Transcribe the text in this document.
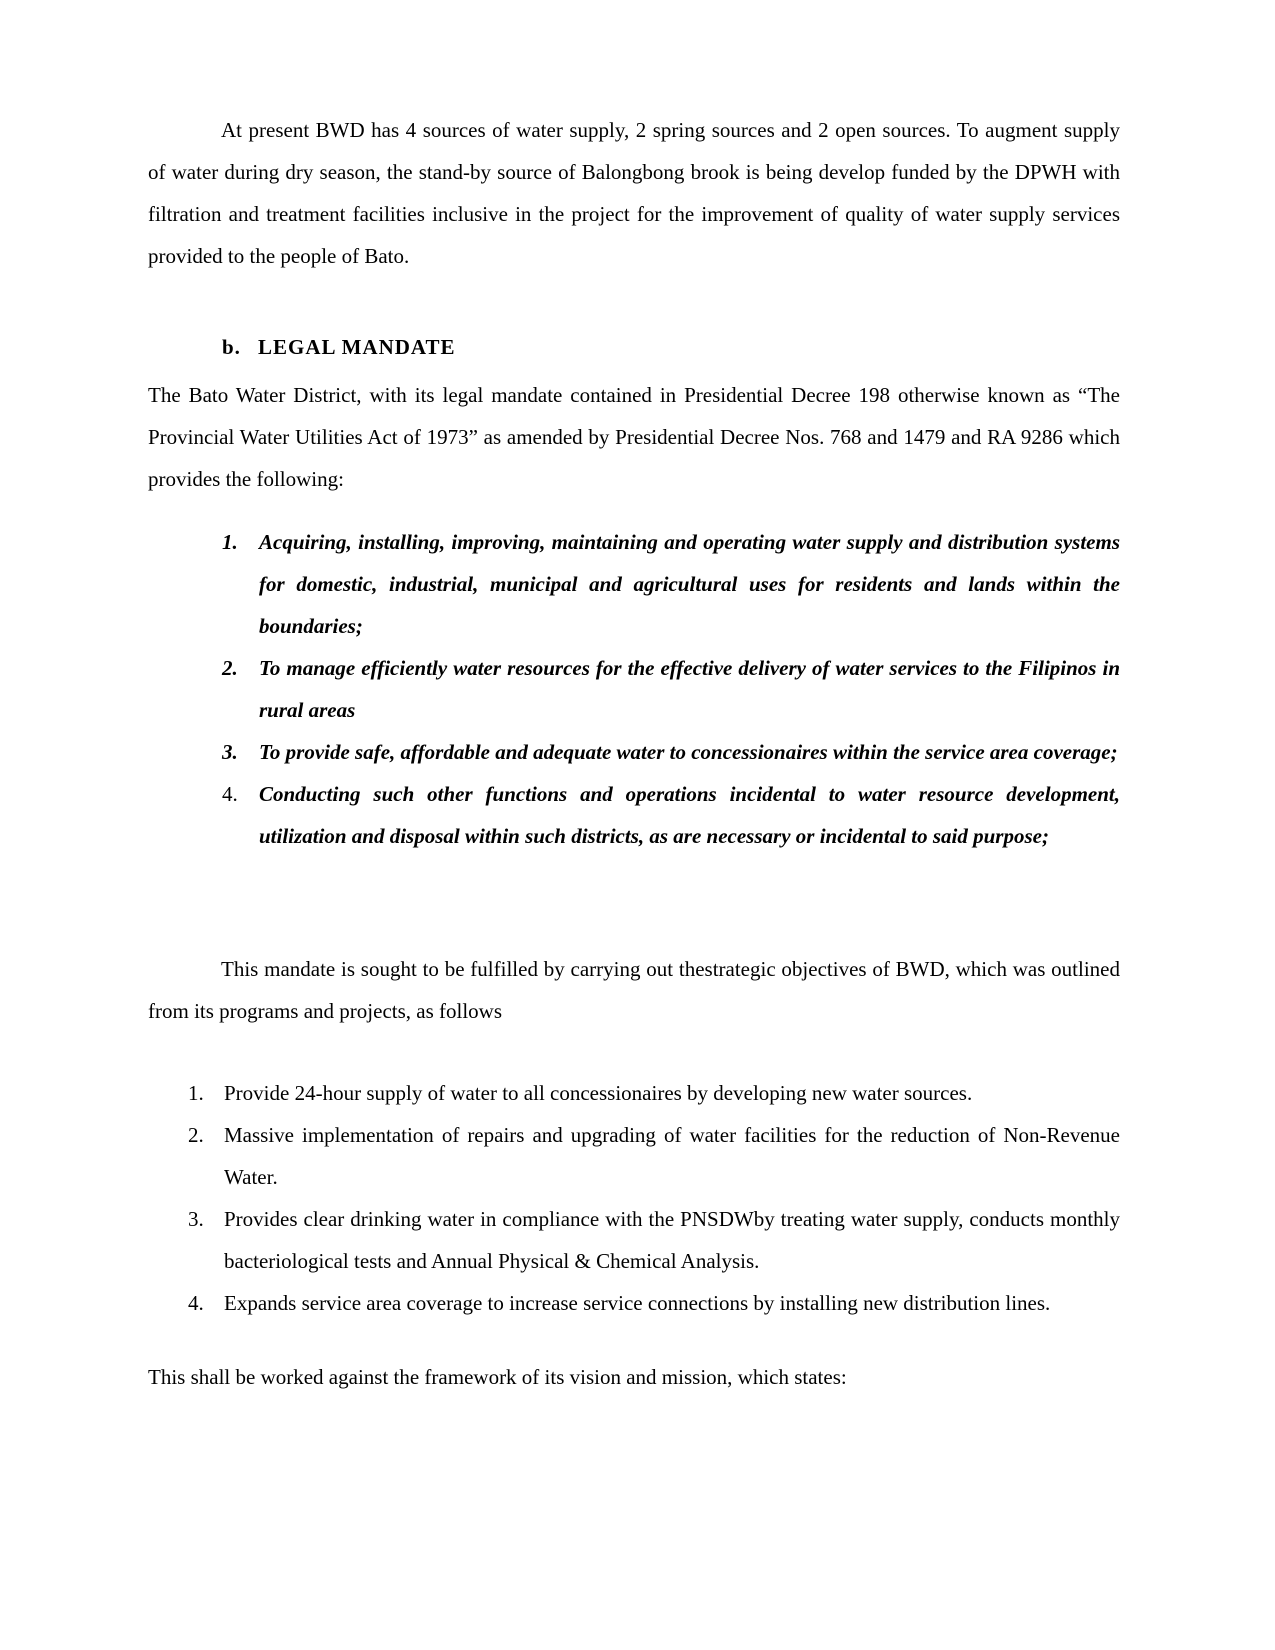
At present BWD has 4 sources of water supply, 2 spring sources and 2 open sources. To augment supply of water during dry season, the stand-by source of Balongbong brook is being develop funded by the DPWH with filtration and treatment facilities inclusive in the project for the improvement of quality of water supply services provided to the people of Bato.

b. LEGAL MANDATE

The Bato Water District, with its legal mandate contained in Presidential Decree 198 otherwise known as “The Provincial Water Utilities Act of 1973” as amended by Presidential Decree Nos. 768 and 1479 and RA 9286 which provides the following:

1. Acquiring, installing, improving, maintaining and operating water supply and distribution systems for domestic, industrial, municipal and agricultural uses for residents and lands within the boundaries;
2. To manage efficiently water resources for the effective delivery of water services to the Filipinos in rural areas
3. To provide safe, affordable and adequate water to concessionaires within the service area coverage;
4. Conducting such other functions and operations incidental to water resource development, utilization and disposal within such districts, as are necessary or incidental to said purpose;

This mandate is sought to be fulfilled by carrying out thestrategic objectives of BWD, which was outlined from its programs and projects, as follows

1. Provide 24-hour supply of water to all concessionaires by developing new water sources.
2. Massive implementation of repairs and upgrading of water facilities for the reduction of Non-Revenue Water.
3. Provides clear drinking water in compliance with the PNSDWby treating water supply, conducts monthly bacteriological tests and Annual Physical & Chemical Analysis.
4. Expands service area coverage to increase service connections by installing new distribution lines.

This shall be worked against the framework of its vision and mission, which states:
